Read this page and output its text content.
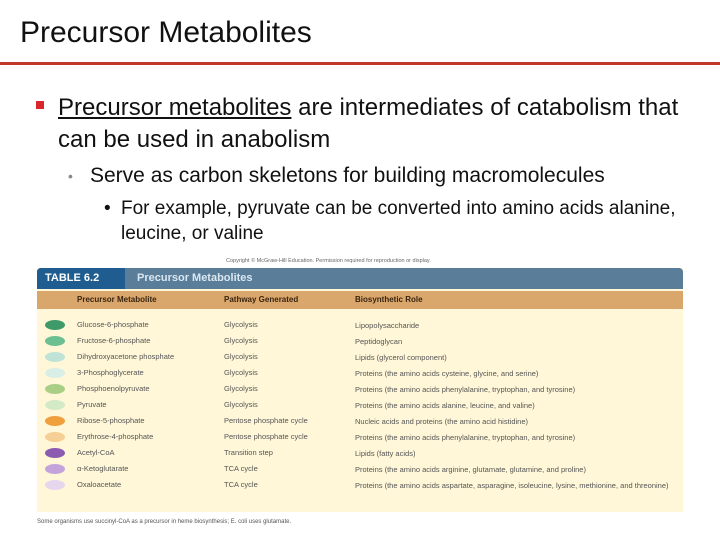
Precursor Metabolites
Precursor metabolites are intermediates of catabolism that can be used in anabolism
• Serve as carbon skeletons for building macromolecules
• For example, pyruvate can be converted into amino acids alanine, leucine, or valine
Copyright © McGraw-Hill Education. Permission required for reproduction or display.
TABLE 6.2	Precursor Metabolites
Precursor Metabolite	Pathway Generated	Biosynthetic Role
Glucose-6-phosphate	Glycolysis	Lipopolysaccharide
Fructose-6-phosphate	Glycolysis	Peptidoglycan
Dihydroxyacetone phosphate	Glycolysis	Lipids (glycerol component)
3-Phosphoglycerate	Glycolysis	Proteins (the amino acids cysteine, glycine, and serine)
Phosphoenolpyruvate	Glycolysis	Proteins (the amino acids phenylalanine, tryptophan, and tyrosine)
Pyruvate	Glycolysis	Proteins (the amino acids alanine, leucine, and valine)
Ribose-5-phosphate	Pentose phosphate cycle	Nucleic acids and proteins (the amino acid histidine)
Erythrose-4-phosphate	Pentose phosphate cycle	Proteins (the amino acids phenylalanine, tryptophan, and tyrosine)
Acetyl-CoA	Transition step	Lipids (fatty acids)
α-Ketoglutarate	TCA cycle	Proteins (the amino acids arginine, glutamate, glutamine, and proline)
Oxaloacetate	TCA cycle	Proteins (the amino acids aspartate, asparagine, isoleucine, lysine, methionine, and threonine)
Some organisms use succinyl-CoA as a precursor in heme biosynthesis; E. coli uses glutamate.
